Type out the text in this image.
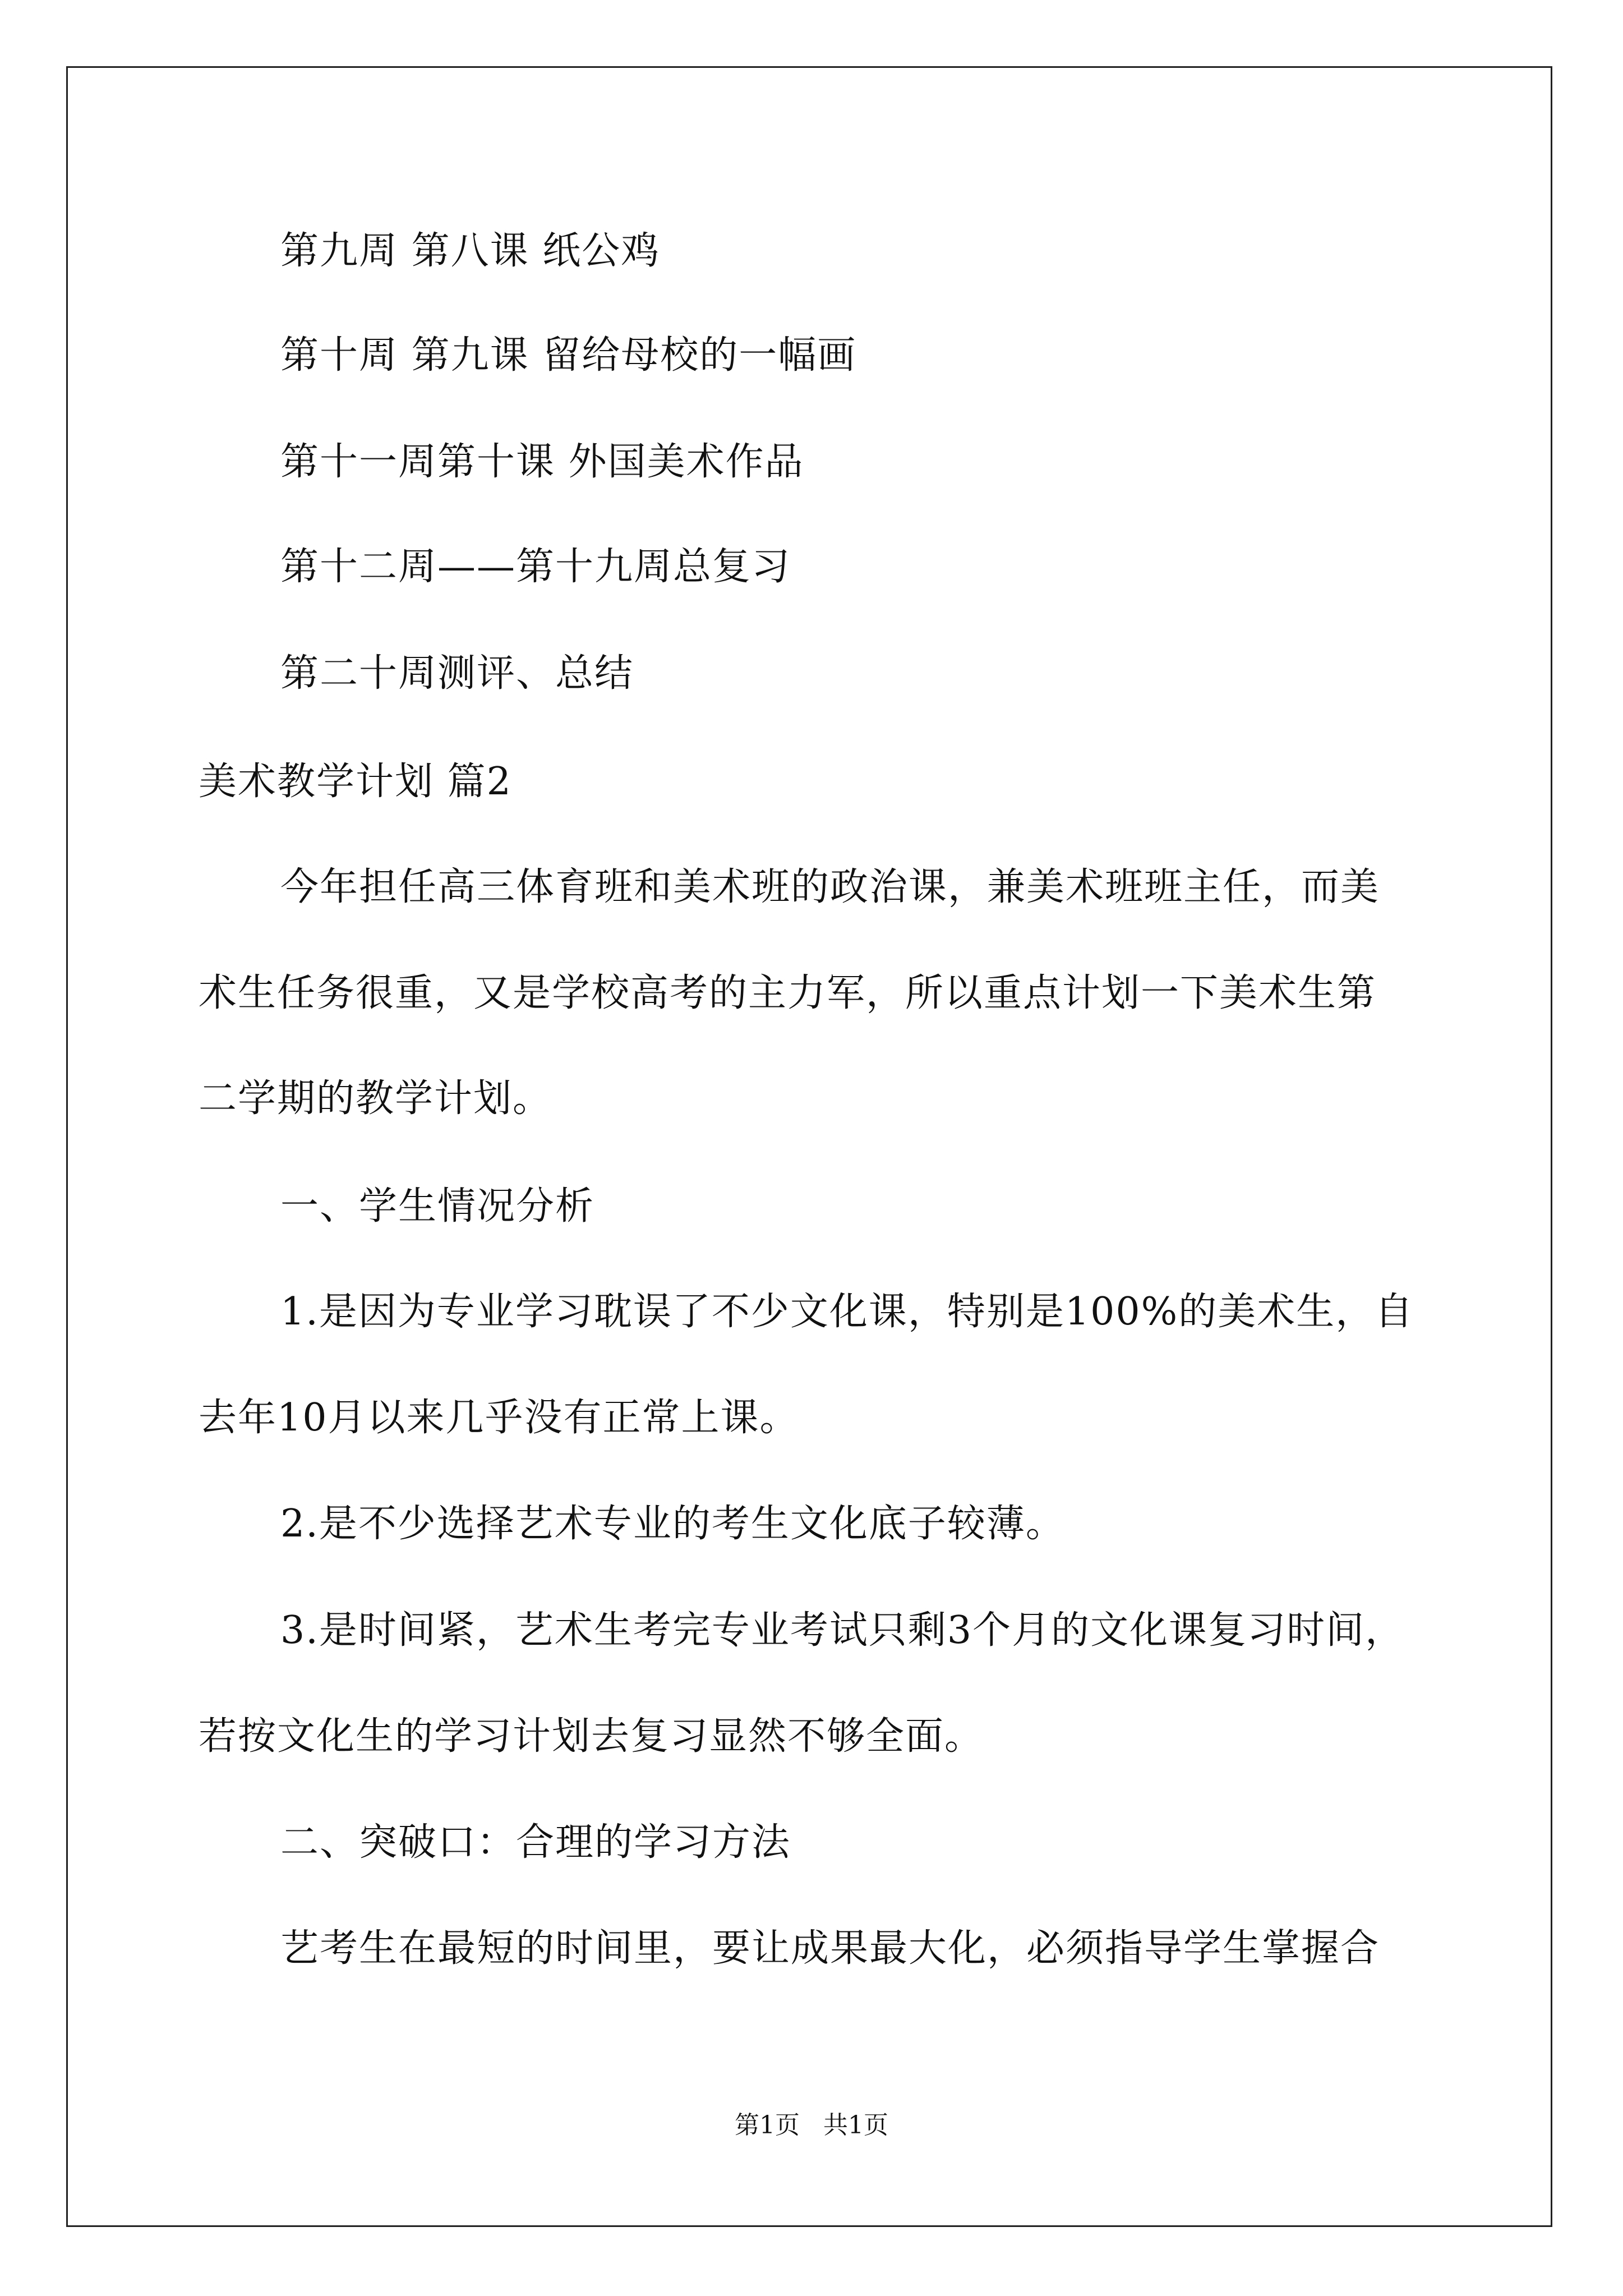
第九周 第八课 纸公鸡
第十周 第九课 留给母校的一幅画
第十一周第十课 外国美术作品
第十二周——第十九周总复习
第二十周测评、总结
美术教学计划 篇2
今年担任高三体育班和美术班的政治课，兼美术班班主任，而美
术生任务很重，又是学校高考的主力军，所以重点计划一下美术生第
二学期的教学计划。
一、学生情况分析
1.是因为专业学习耽误了不少文化课，特别是100%的美术生，自
去年10月以来几乎没有正常上课。
2.是不少选择艺术专业的考生文化底子较薄。
3.是时间紧，艺术生考完专业考试只剩3个月的文化课复习时间，
若按文化生的学习计划去复习显然不够全面。
二、突破口：合理的学习方法
艺考生在最短的时间里，要让成果最大化，必须指导学生掌握合
第1页   共1页
